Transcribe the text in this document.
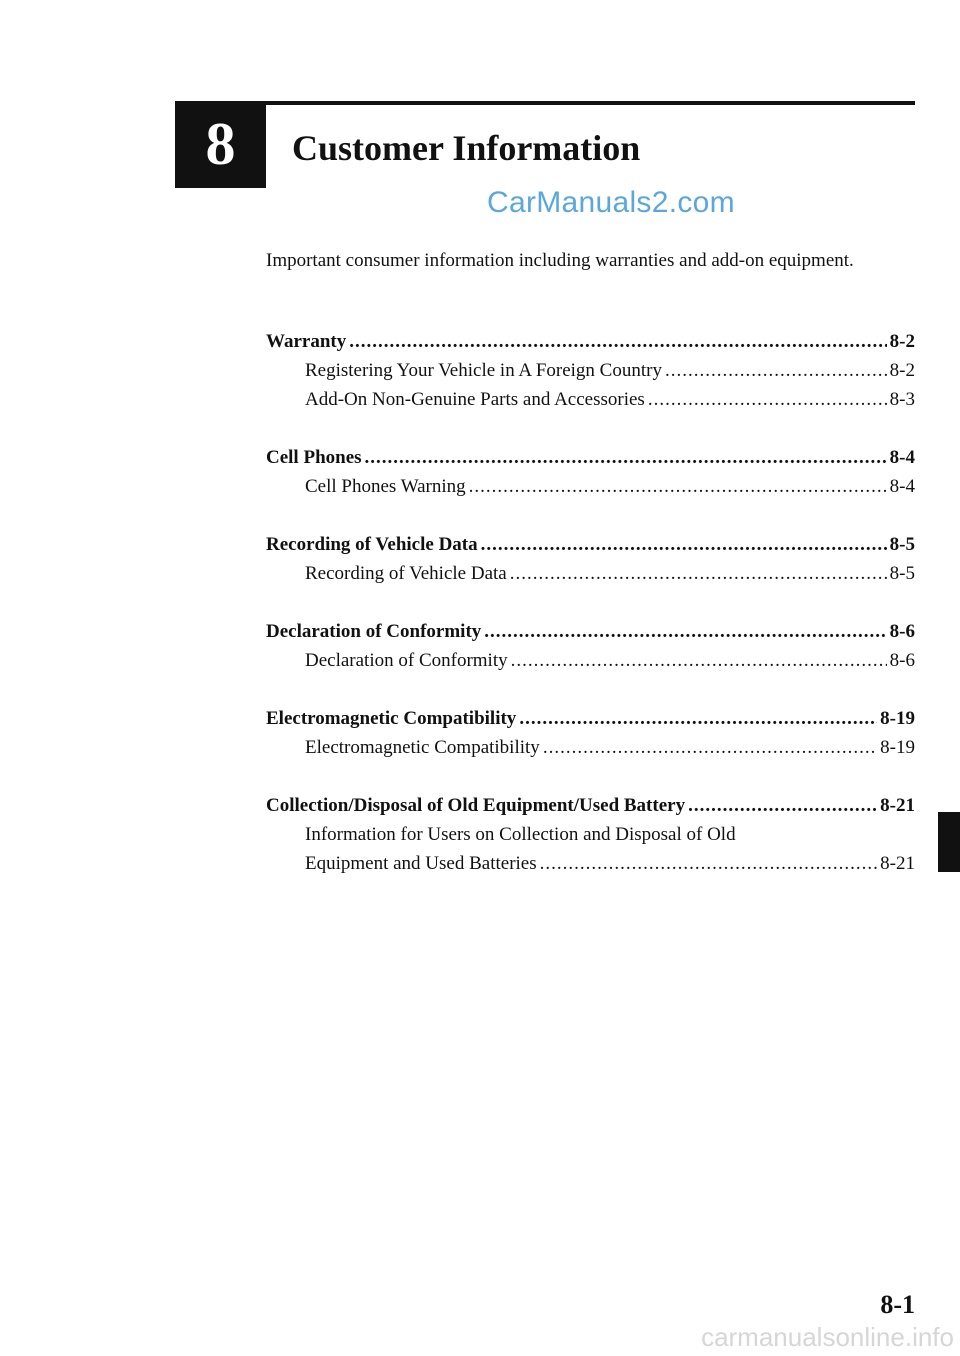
8 Customer Information
CarManuals2.com

Important consumer information including warranties and add-on equipment.

Warranty .....	8-2
Registering Your Vehicle in A Foreign Country .....	8-2
Add-On Non-Genuine Parts and Accessories .....	8-3
Cell Phones .....	8-4
Cell Phones Warning .....	8-4
Recording of Vehicle Data .....	8-5
Recording of Vehicle Data .....	8-5
Declaration of Conformity .....	8-6
Declaration of Conformity .....	8-6
Electromagnetic Compatibility .....	8-19
Electromagnetic Compatibility .....	8-19
Collection/Disposal of Old Equipment/Used Battery .....	8-21
Information for Users on Collection and Disposal of Old
Equipment and Used Batteries .....	8-21
8-1
carmanualsonline.info
